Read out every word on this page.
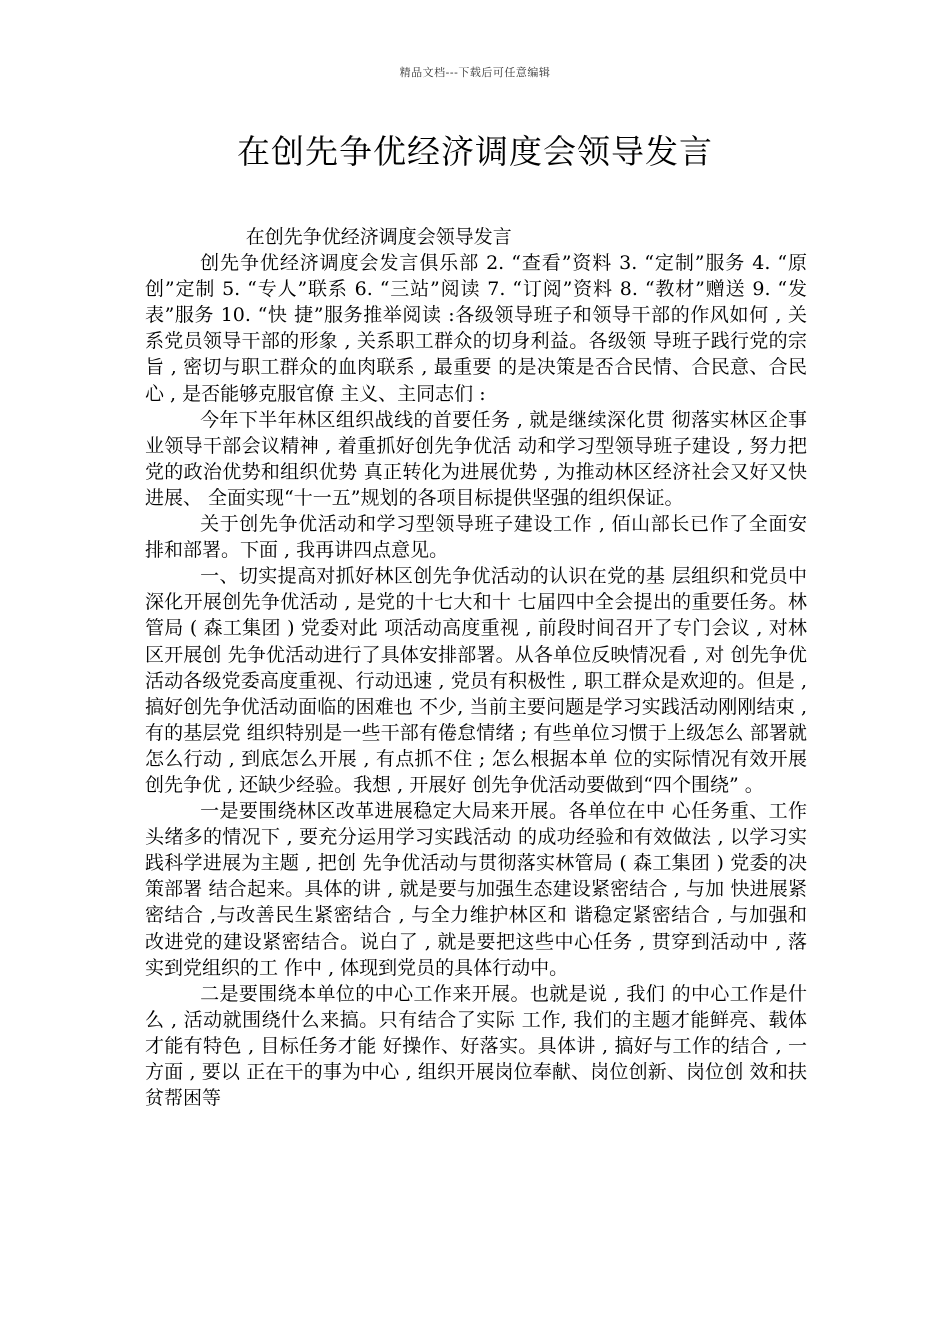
精品文档---下载后可任意编辑
在创先争优经济调度会领导发言

在创先争优经济调度会领导发言

创先争优经济调度会发言俱乐部 2. “查看”资料 3. “定制”服务 4. “原创”定制 5. “专人”联系 6. “三站”阅读 7. “订阅”资料 8. “教材”赠送 9. “发表”服务 10. “快 捷”服务推举阅读 :各级领导班子和领导干部的作风如何 , 关 系党员领导干部的形象 , 关系职工群众的切身利益。各级领 导班子践行党的宗旨 , 密切与职工群众的血肉联系 , 最重要 的是决策是否合民情、合民意、合民心 , 是否能够克服官僚 主义、主同志们 :

今年下半年林区组织战线的首要任务 , 就是继续深化贯 彻落实林区企事业领导干部会议精神 , 着重抓好创先争优活 动和学习型领导班子建设 , 努力把党的政治优势和组织优势 真正转化为进展优势 , 为推动林区经济社会又好又快进展、 全面实现“十一五”规划的各项目标提供坚强的组织保证。

关于创先争优活动和学习型领导班子建设工作 , 佰山部长已作了全面安排和部署。下面 , 我再讲四点意见。

一、切实提高对抓好林区创先争优活动的认识在党的基 层组织和党员中深化开展创先争优活动 , 是党的十七大和十 七届四中全会提出的重要任务。林管局 ( 森工集团 ) 党委对此 项活动高度重视 , 前段时间召开了专门会议 , 对林区开展创 先争优活动进行了具体安排部署。从各单位反映情况看 , 对 创先争优活动各级党委高度重视、行动迅速 , 党员有积极性 , 职工群众是欢迎的。但是 , 搞好创先争优活动面临的困难也 不少, 当前主要问题是学习实践活动刚刚结束 ,有的基层党 组织特别是一些干部有倦怠情绪 ; 有些单位习惯于上级怎么 部署就怎么行动 , 到底怎么开展 , 有点抓不住 ; 怎么根据本单 位的实际情况有效开展创先争优 , 还缺少经验。我想 , 开展好 创先争优活动要做到“四个围绕” 。

一是要围绕林区改革进展稳定大局来开展。各单位在中 心任务重、工作头绪多的情况下 , 要充分运用学习实践活动 的成功经验和有效做法 , 以学习实践科学进展为主题 , 把创 先争优活动与贯彻落实林管局 ( 森工集团 ) 党委的决策部署 结合起来。具体的讲 , 就是要与加强生态建设紧密结合 , 与加 快进展紧密结合 ,与改善民生紧密结合 , 与全力维护林区和 谐稳定紧密结合 , 与加强和改进党的建设紧密结合。说白了 , 就是要把这些中心任务 , 贯穿到活动中 , 落实到党组织的工 作中 , 体现到党员的具体行动中。

二是要围绕本单位的中心工作来开展。也就是说 , 我们 的中心工作是什么 , 活动就围绕什么来搞。只有结合了实际 工作, 我们的主题才能鲜亮、载体才能有特色 , 目标任务才能 好操作、好落实。具体讲 , 搞好与工作的结合 , 一方面 , 要以 正在干的事为中心 , 组织开展岗位奉献、岗位创新、岗位创 效和扶贫帮困等
